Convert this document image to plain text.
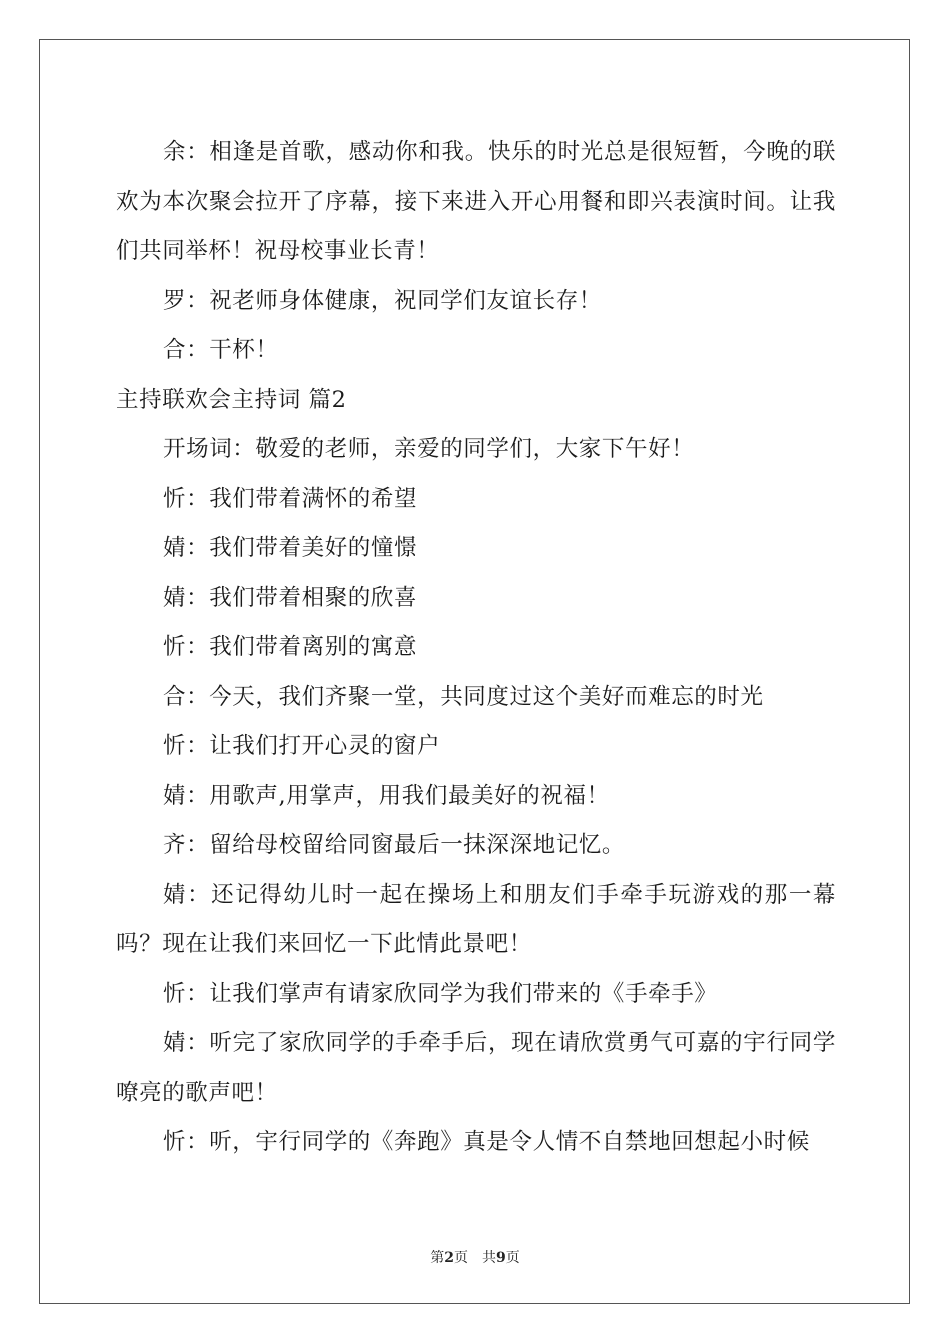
余：相逢是首歌，感动你和我。快乐的时光总是很短暂，今晚的联欢为本次聚会拉开了序幕，接下来进入开心用餐和即兴表演时间。让我们共同举杯！祝母校事业长青！

罗：祝老师身体健康，祝同学们友谊长存！

合：干杯！

主持联欢会主持词 篇2

开场词：敬爱的老师，亲爱的同学们，大家下午好！

忻：我们带着满怀的希望

婧：我们带着美好的憧憬

婧：我们带着相聚的欣喜

忻：我们带着离别的寓意

合：今天，我们齐聚一堂，共同度过这个美好而难忘的时光

忻：让我们打开心灵的窗户

婧：用歌声,用掌声，用我们最美好的祝福！

齐：留给母校留给同窗最后一抹深深地记忆。

婧：还记得幼儿时一起在操场上和朋友们手牵手玩游戏的那一幕吗？现在让我们来回忆一下此情此景吧！

忻：让我们掌声有请家欣同学为我们带来的《手牵手》

婧：听完了家欣同学的手牵手后，现在请欣赏勇气可嘉的宇行同学嘹亮的歌声吧！

忻：听，宇行同学的《奔跑》真是令人情不自禁地回想起小时候

第2页 共9页
